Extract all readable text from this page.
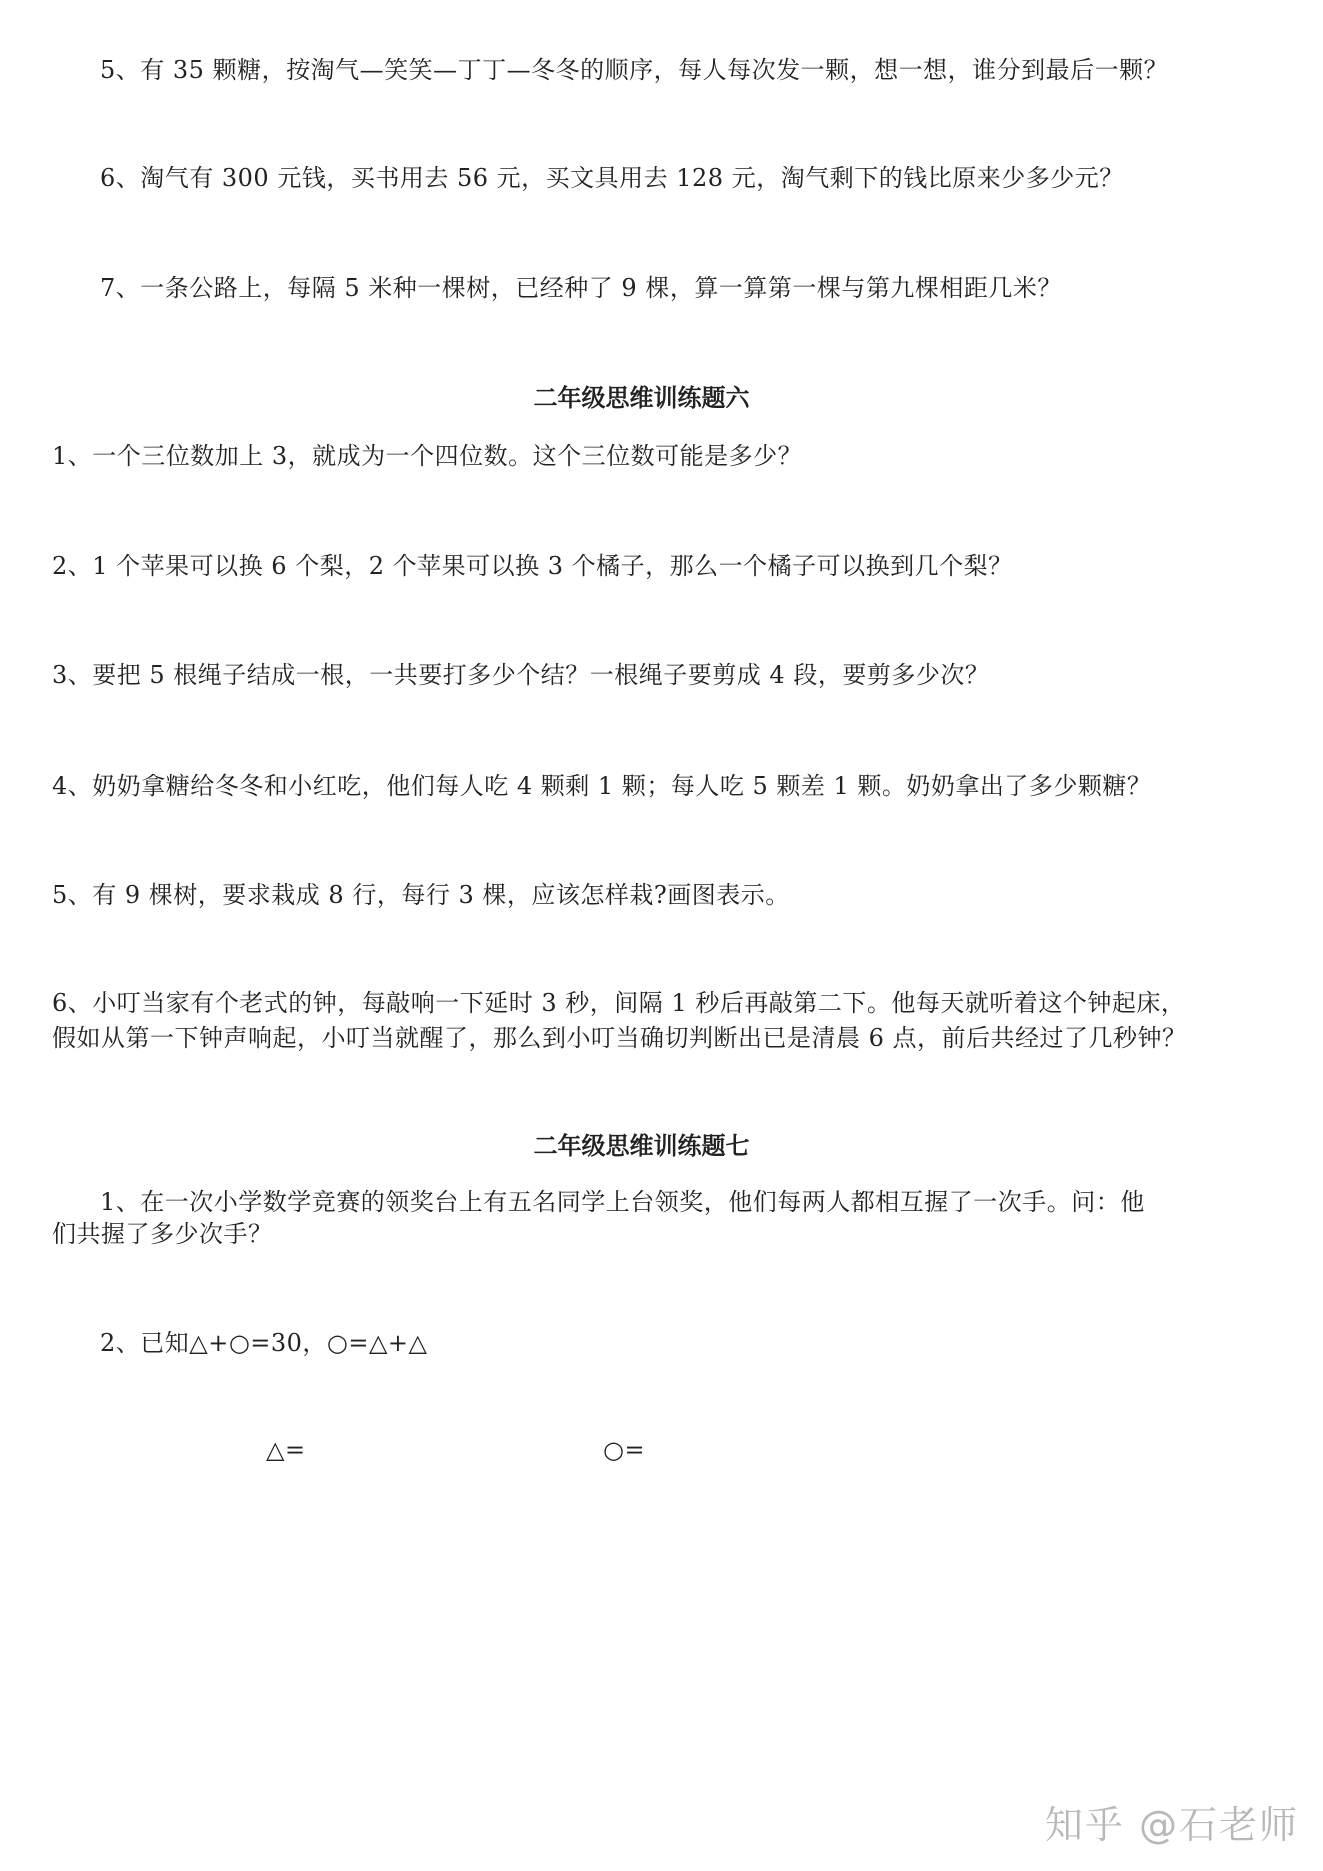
5、有 35 颗糖，按淘气—笑笑—丁丁—冬冬的顺序，每人每次发一颗，想一想，谁分到最后一颗？
6、淘气有 300 元钱，买书用去 56 元，买文具用去 128 元，淘气剩下的钱比原来少多少元？
7、一条公路上，每隔 5 米种一棵树，已经种了 9 棵，算一算第一棵与第九棵相距几米？
二年级思维训练题六
1、一个三位数加上 3，就成为一个四位数。这个三位数可能是多少？
2、1 个苹果可以换 6 个梨，2 个苹果可以换 3 个橘子，那么一个橘子可以换到几个梨？
3、要把 5 根绳子结成一根，一共要打多少个结？一根绳子要剪成 4 段，要剪多少次？
4、奶奶拿糖给冬冬和小红吃，他们每人吃 4 颗剩 1 颗；每人吃 5 颗差 1 颗。奶奶拿出了多少颗糖？
5、有 9 棵树，要求栽成 8 行，每行 3 棵，应该怎样栽?画图表示。
6、小叮当家有个老式的钟，每敲响一下延时 3 秒，间隔 1 秒后再敲第二下。他每天就听着这个钟起床，
假如从第一下钟声响起，小叮当就醒了，那么到小叮当确切判断出已是清晨 6 点，前后共经过了几秒钟？
二年级思维训练题七
1、在一次小学数学竞赛的领奖台上有五名同学上台领奖，他们每两人都相互握了一次手。问：他
们共握了多少次手？
2、已知△+○=30，○=△+△
△=	○=
知乎 @石老师
